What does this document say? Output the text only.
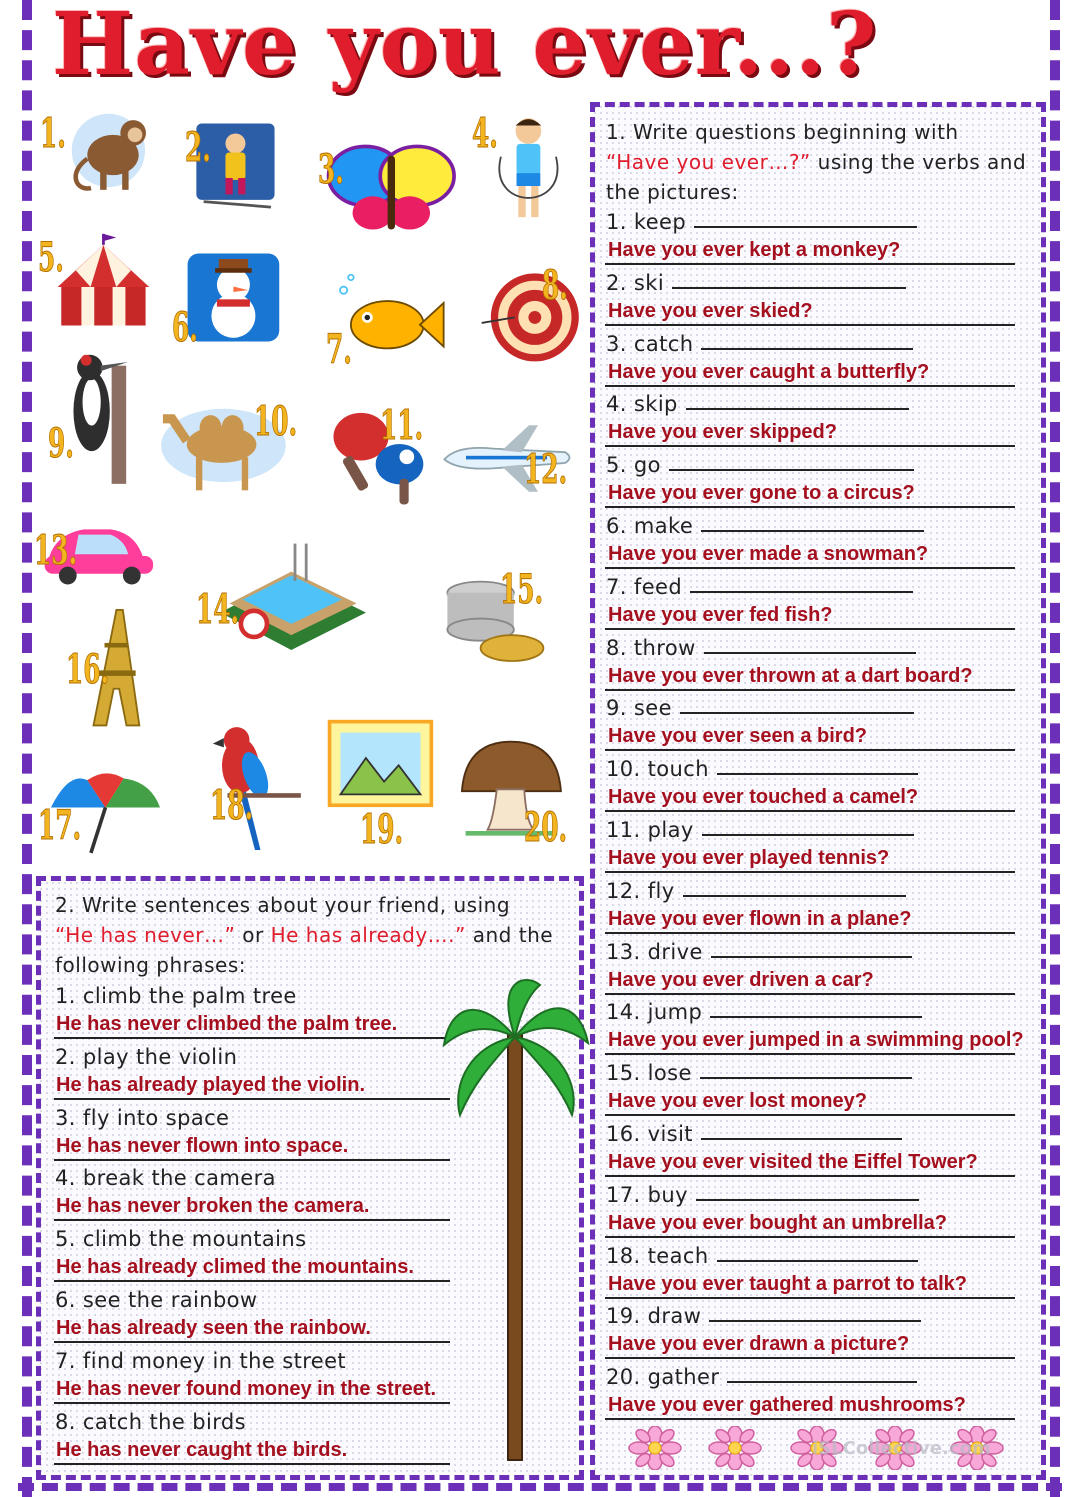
Have you ever...?
1.	2.	3.
4.
5.
6.	7.
8.
9.	10. 11.
12.
13.
14.	15.
16.
17.	18.
19.	20.
1. Write questions beginning with
“Have you ever…?” using the verbs and
the pictures:
1. keep
Have you ever kept a monkey?
2. ski
Have you ever skied?
3. catch
Have you ever caught a butterfly?
4. skip
Have you ever skipped?
5. go
Have you ever gone to a circus?
6. make
Have you ever made a snowman?
7. feed
Have you ever fed fish?
8. throw
Have you ever thrown at a dart board?
9. see
Have you ever seen a bird?
10. touch
Have you ever touched a camel?
11. play
Have you ever played tennis?
12. fly
Have you ever flown in a plane?
13. drive
Have you ever driven a car?
14. jump
Have you ever jumped in a swimming pool?
15. lose
Have you ever lost money?
16. visit
Have you ever visited the Eiffel Tower?
17. buy
Have you ever bought an umbrella?
18. teach
Have you ever taught a parrot to talk?
19. draw
Have you ever drawn a picture?
20. gather
Have you ever gathered mushrooms?
2. Write sentences about your friend, using
“He has never…” or He has already….” and the
following phrases:
1. climb the palm tree
He has never climbed the palm tree.
2. play the violin
He has already played the violin.
3. fly into space
He has never flown into space.
4. break the camera
He has never broken the camera.
5. climb the mountains
He has already climed the mountains.
6. see the rainbow
He has already seen the rainbow.
7. find money in the street
He has never found money in the street.
8. catch the birds
He has never caught the birds.	iSLCollective.com
